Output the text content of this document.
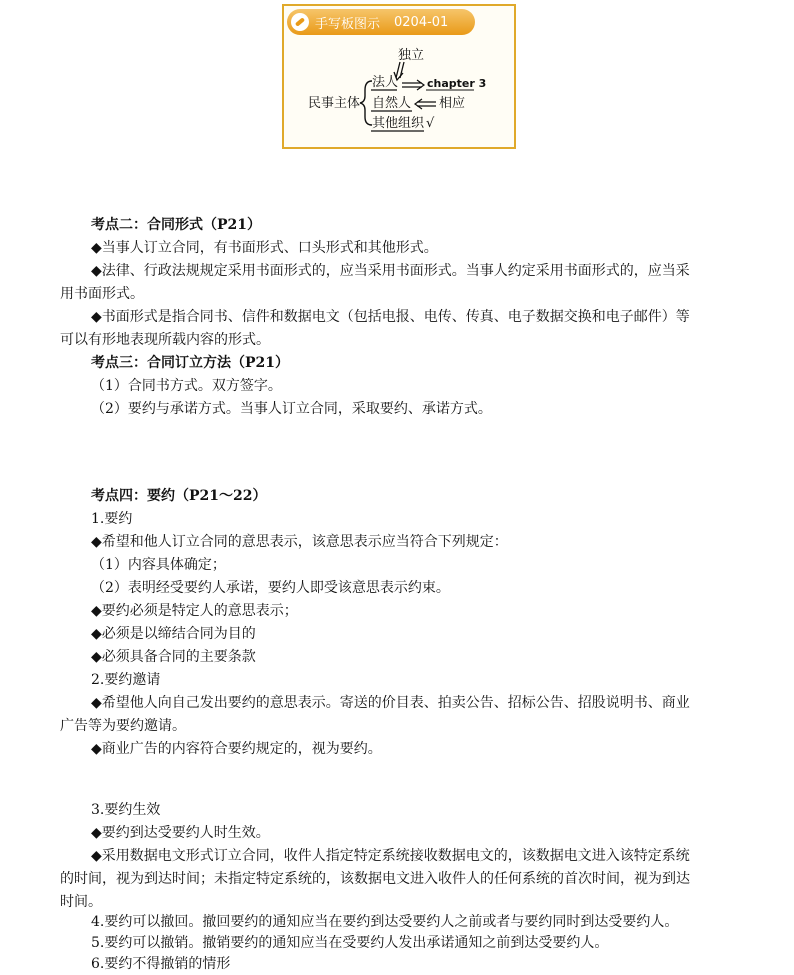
手写板图示 0204-01
独立
民事主体
法人	chapter 3
自然人 相应
其他组织 √
考点二：合同形式（P21）
◆当事人订立合同，有书面形式、口头形式和其他形式。
◆法律、行政法规规定采用书面形式的，应当采用书面形式。当事人约定采用书面形式的，应当采
用书面形式。
◆书面形式是指合同书、信件和数据电文（包括电报、电传、传真、电子数据交换和电子邮件）等
可以有形地表现所载内容的形式。
考点三：合同订立方法（P21）
（1）合同书方式。双方签字。
（2）要约与承诺方式。当事人订立合同，采取要约、承诺方式。
考点四：要约（P21～22）
1.要约
◆希望和他人订立合同的意思表示，该意思表示应当符合下列规定：
（1）内容具体确定；
（2）表明经受要约人承诺，要约人即受该意思表示约束。
◆要约必须是特定人的意思表示；
◆必须是以缔结合同为目的
◆必须具备合同的主要条款
2.要约邀请
◆希望他人向自己发出要约的意思表示。寄送的价目表、拍卖公告、招标公告、招股说明书、商业
广告等为要约邀请。
◆商业广告的内容符合要约规定的，视为要约。
3.要约生效
◆要约到达受要约人时生效。
◆采用数据电文形式订立合同，收件人指定特定系统接收数据电文的，该数据电文进入该特定系统
的时间，视为到达时间；未指定特定系统的，该数据电文进入收件人的任何系统的首次时间，视为到达
时间。
4.要约可以撤回。撤回要约的通知应当在要约到达受要约人之前或者与要约同时到达受要约人。
5.要约可以撤销。撤销要约的通知应当在受要约人发出承诺通知之前到达受要约人。
6.要约不得撤销的情形
